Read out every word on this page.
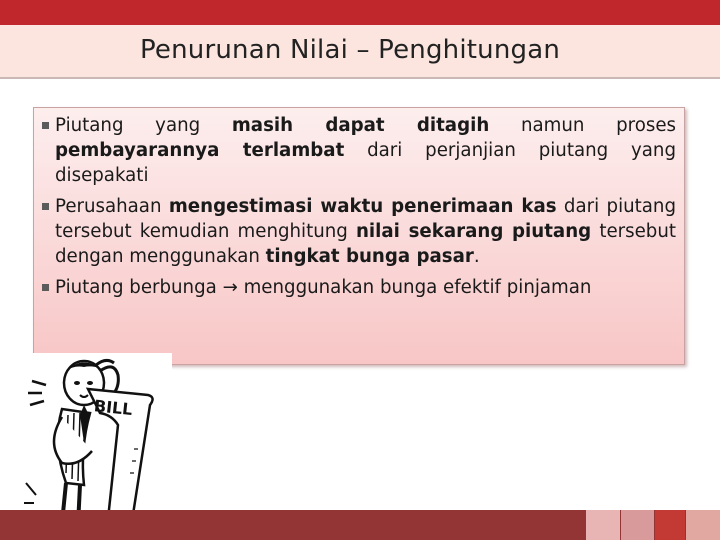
Penurunan Nilai – Penghitungan
Piutang yang masih dapat ditagih namun proses pembayarannya terlambat dari perjanjian piutang yang disepakati
Perusahaan mengestimasi waktu penerimaan kas dari piutang tersebut kemudian menghitung nilai sekarang piutang tersebut dengan menggunakan tingkat bunga pasar.
Piutang berbunga → menggunakan bunga efektif pinjaman
BILL
